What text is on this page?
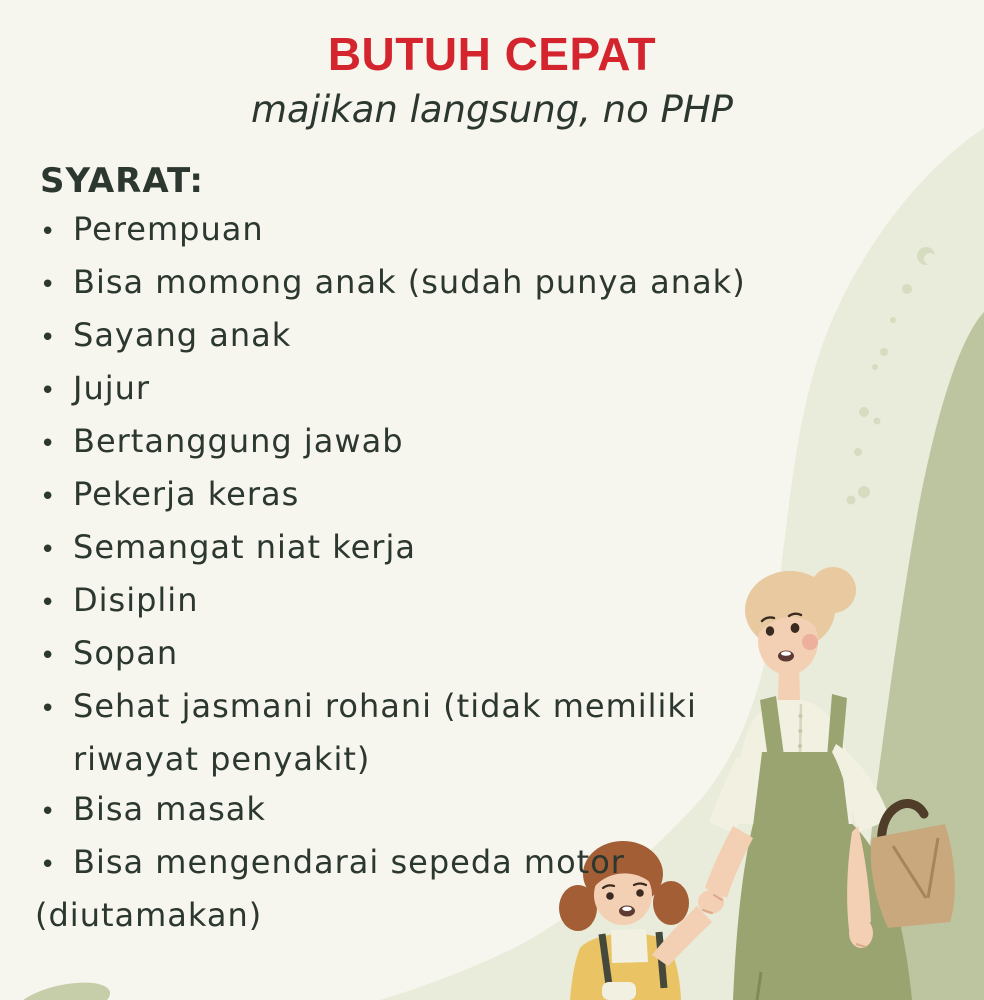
BUTUH CEPAT
majikan langsung, no PHP
SYARAT:
• Perempuan
• Bisa momong anak (sudah punya anak)
• Sayang anak
• Jujur
• Bertanggung jawab
• Pekerja keras
• Semangat niat kerja
• Disiplin
• Sopan
• Sehat jasmani rohani (tidak memiliki
riwayat penyakit)
• Bisa masak
• Bisa mengendarai sepeda motor
(diutamakan)
